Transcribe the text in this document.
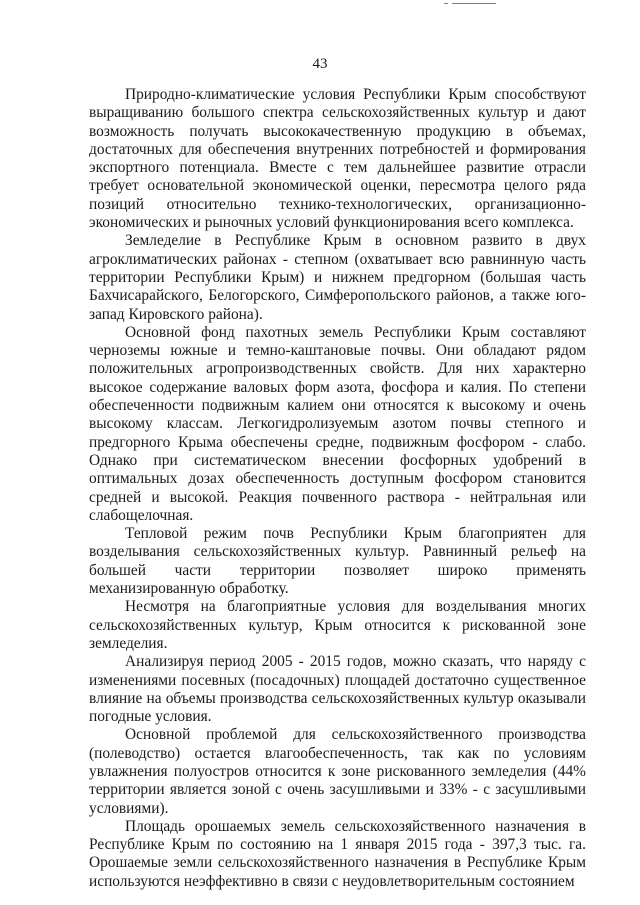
43

Природно-климатические условия Республики Крым способствуют выращиванию большого спектра сельскохозяйственных культур и дают возможность получать высококачественную продукцию в объемах, достаточных для обеспечения внутренних потребностей и формирования экспортного потенциала. Вместе с тем дальнейшее развитие отрасли требует основательной экономической оценки, пересмотра целого ряда позиций относительно технико-технологических, организационно-экономических и рыночных условий функционирования всего комплекса.

Земледелие в Республике Крым в основном развито в двух агроклиматических районах - степном (охватывает всю равнинную часть территории Республики Крым) и нижнем предгорном (большая часть Бахчисарайского, Белогорского, Симферопольского районов, а также юго-запад Кировского района).

Основной фонд пахотных земель Республики Крым составляют черноземы южные и темно-каштановые почвы. Они обладают рядом положительных агропроизводственных свойств. Для них характерно высокое содержание валовых форм азота, фосфора и калия. По степени обеспеченности подвижным калием они относятся к высокому и очень высокому классам. Легкогидролизуемым азотом почвы степного и предгорного Крыма обеспечены средне, подвижным фосфором - слабо. Однако при систематическом внесении фосфорных удобрений в оптимальных дозах обеспеченность доступным фосфором становится средней и высокой. Реакция почвенного раствора - нейтральная или слабощелочная.

Тепловой режим почв Республики Крым благоприятен для возделывания сельскохозяйственных культур. Равнинный рельеф на большей части территории позволяет широко применять механизированную обработку.

Несмотря на благоприятные условия для возделывания многих сельскохозяйственных культур, Крым относится к рискованной зоне земледелия.

Анализируя период 2005 - 2015 годов, можно сказать, что наряду с изменениями посевных (посадочных) площадей достаточно существенное влияние на объемы производства сельскохозяйственных культур оказывали погодные условия.

Основной проблемой для сельскохозяйственного производства (полеводство) остается влагообеспеченность, так как по условиям увлажнения полуостров относится к зоне рискованного земледелия (44% территории является зоной с очень засушливыми и 33% - с засушливыми условиями).

Площадь орошаемых земель сельскохозяйственного назначения в Республике Крым по состоянию на 1 января 2015 года - 397,3 тыс. га. Орошаемые земли сельскохозяйственного назначения в Республике Крым используются неэффективно в связи с неудовлетворительным состоянием
